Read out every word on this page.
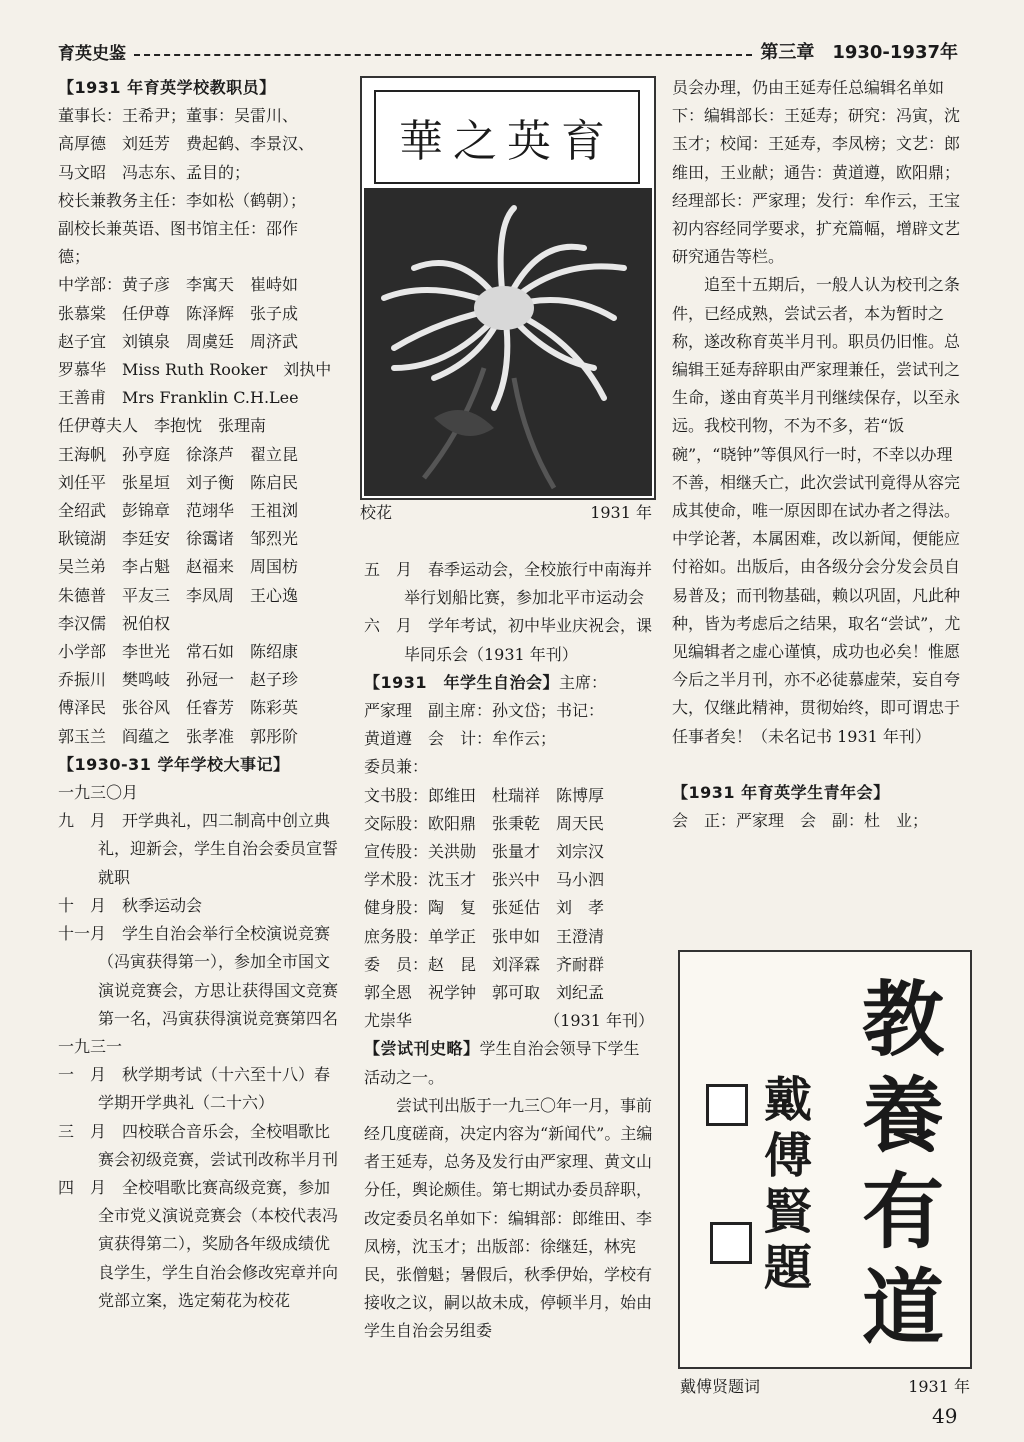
育英史鉴	第三章　1930-1937年

【1931 年育英学校教职员】

董事长：王希尹；董事：吴雷川、

高厚德　刘廷芳　费起鹤、李景汉、

马文昭　冯志东、孟目的；

校长兼教务主任：李如松（鹤朝）；

副校长兼英语、图书馆主任：邵作

德；

中学部：黄子彦　李寓天　崔峙如

张慕棠　任伊尊　陈泽辉　张子成

赵子宜　刘镇泉　周虞廷　周济武

罗慕华　Miss Ruth Rooker　刘执中

王善甫　Mrs Franklin C.H.Lee

任伊尊夫人　李抱忱　张理南

王海帆　孙亨庭　徐涤芦　翟立昆

刘任平　张星垣　刘子衡　陈启民

全绍武　彭锦章　范翊华　王祖浏

耿镜湖　李廷安　徐霭诸　邹烈光

吴兰弟　李占魁　赵福来　周国枋

朱德普　平友三　李凤周　王心逸

李汉儒　祝伯权

小学部　李世光　常石如　陈绍康

乔振川　樊鸣岐　孙冠一　赵子珍

傅泽民　张谷风　任睿芳　陈彩英

郭玉兰　阎蕴之　张孝准　郭彤阶

【1930-31 学年学校大事记】

一九三〇月

九　月　开学典礼，四二制高中创立典礼，迎新会，学生自治会委员宣誓就职

十　月　秋季运动会

十一月　学生自治会举行全校演说竞赛（冯寅获得第一），参加全市国文演说竞赛会，方思让获得国文竞赛第一名，冯寅获得演说竞赛第四名

一九三一

一　月　秋学期考试（十六至十八）春学期开学典礼（二十六）

三　月　四校联合音乐会，全校唱歌比赛会初级竞赛，尝试刊改称半月刊

四　月　全校唱歌比赛高级竞赛，参加全市党义演说竞赛会（本校代表冯寅获得第二），奖励各年级成绩优良学生，学生自治会修改宪章并向党部立案，选定菊花为校花

華之英育
校花	1931 年

五　月　春季运动会，全校旅行中南海并举行划船比赛，参加北平市运动会

六　月　学年考试，初中毕业庆祝会，课毕同乐会（1931 年刊）

【1931　年学生自治会】主席：

严家理　副主席：孙文岱；书记：

黄道遵　会　计：牟作云；

委员兼：

文书股：郎维田　杜瑞祥　陈博厚

交际股：欧阳鼎　张秉乾　周天民

宣传股：关洪勋　张量才　刘宗汉

学术股：沈玉才　张兴中　马小泗

健身股：陶　复　张延估　刘　孝

庶务股：单学正　张申如　王澄清

委　员：赵　昆　刘泽霖　齐耐群

郭全恩　祝学钟　郭可取　刘纪孟

尤崇华	（1931 年刊）

【尝试刊史略】学生自治会领导下学生活动之一。

尝试刊出版于一九三〇年一月，事前经几度磋商，决定内容为“新闻代”。主编者王延寿，总务及发行由严家理、黄文山分任，舆论颇佳。第七期试办委员辞职，改定委员名单如下：编辑部：郎维田、李凤榜，沈玉才；出版部：徐继廷，林宪民，张僧魁；暑假后，秋季伊始，学校有接收之议，嗣以故未成，停顿半月，始由学生自治会另组委

员会办理，仍由王延寿任总编辑名单如下：编辑部长：王延寿；研究：冯寅，沈玉才；校闻：王延寿，李凤榜；文艺：郎维田，王业献；通告：黄道遵，欧阳鼎；经理部长：严家理；发行：牟作云，王宝初内容经同学要求，扩充篇幅，增辟文艺研究通告等栏。

追至十五期后，一般人认为校刊之条件，已经成熟，尝试云者，本为暂时之称，遂改称育英半月刊。职员仍旧惟。总编辑王延寿辞职由严家理兼任，尝试刊之生命，遂由育英半月刊继续保存，以至永远。我校刊物，不为不多，若“饭碗”，“晓钟”等俱风行一时，不幸以办理不善，相继夭亡，此次尝试刊竟得从容完成其使命，唯一原因即在试办者之得法。中学论著，本属困难，改以新闻，便能应付裕如。出版后，由各级分会分发会员自易普及；而刊物基础，赖以巩固，凡此种种，皆为考虑后之结果，取名“尝试”，尤见编辑者之虚心谨慎，成功也必矣！惟愿今后之半月刊，亦不必徒慕虚荣，妄自夸大，仅继此精神，贯彻始终，即可谓忠于任事者矣！（未名记书 1931 年刊）

【1931 年育英学生青年会】

会　正：严家理　会　副：杜　业；

教養有道
戴傅賢題
戴傅贤题词	1931 年
49
